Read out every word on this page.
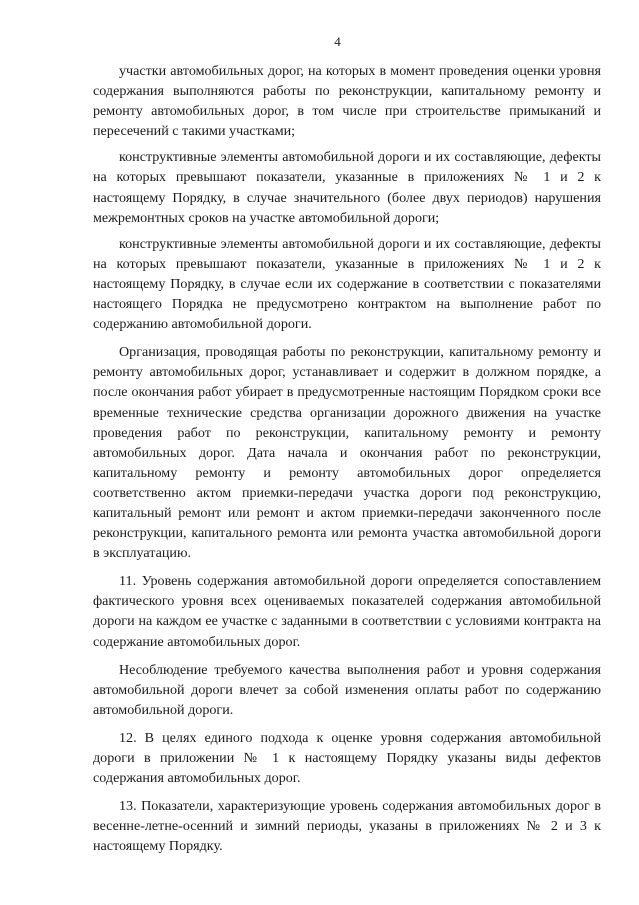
4

участки автомобильных дорог, на которых в момент проведения оценки уровня содержания выполняются работы по реконструкции, капитальному ремонту и ремонту автомобильных дорог, в том числе при строительстве примыканий и пересечений с такими участками;

конструктивные элементы автомобильной дороги и их составляющие, дефекты на которых превышают показатели, указанные в приложениях № 1 и 2 к настоящему Порядку, в случае значительного (более двух периодов) нарушения межремонтных сроков на участке автомобильной дороги;

конструктивные элементы автомобильной дороги и их составляющие, дефекты на которых превышают показатели, указанные в приложениях № 1 и 2 к настоящему Порядку, в случае если их содержание в соответствии с показателями настоящего Порядка не предусмотрено контрактом на выполнение работ по содержанию автомобильной дороги.

Организация, проводящая работы по реконструкции, капитальному ремонту и ремонту автомобильных дорог, устанавливает и содержит в должном порядке, а после окончания работ убирает в предусмотренные настоящим Порядком сроки все временные технические средства организации дорожного движения на участке проведения работ по реконструкции, капитальному ремонту и ремонту автомобильных дорог. Дата начала и окончания работ по реконструкции, капитальному ремонту и ремонту автомобильных дорог определяется соответственно актом приемки-передачи участка дороги под реконструкцию, капитальный ремонт или ремонт и актом приемки-передачи законченного после реконструкции, капитального ремонта или ремонта участка автомобильной дороги в эксплуатацию.

11. Уровень содержания автомобильной дороги определяется сопоставлением фактического уровня всех оцениваемых показателей содержания автомобильной дороги на каждом ее участке с заданными в соответствии с условиями контракта на содержание автомобильных дорог.

Несоблюдение требуемого качества выполнения работ и уровня содержания автомобильной дороги влечет за собой изменения оплаты работ по содержанию автомобильной дороги.

12. В целях единого подхода к оценке уровня содержания автомобильной дороги в приложении № 1 к настоящему Порядку указаны виды дефектов содержания автомобильных дорог.

13. Показатели, характеризующие уровень содержания автомобильных дорог в весенне-летне-осенний и зимний периоды, указаны в приложениях № 2 и 3 к настоящему Порядку.
